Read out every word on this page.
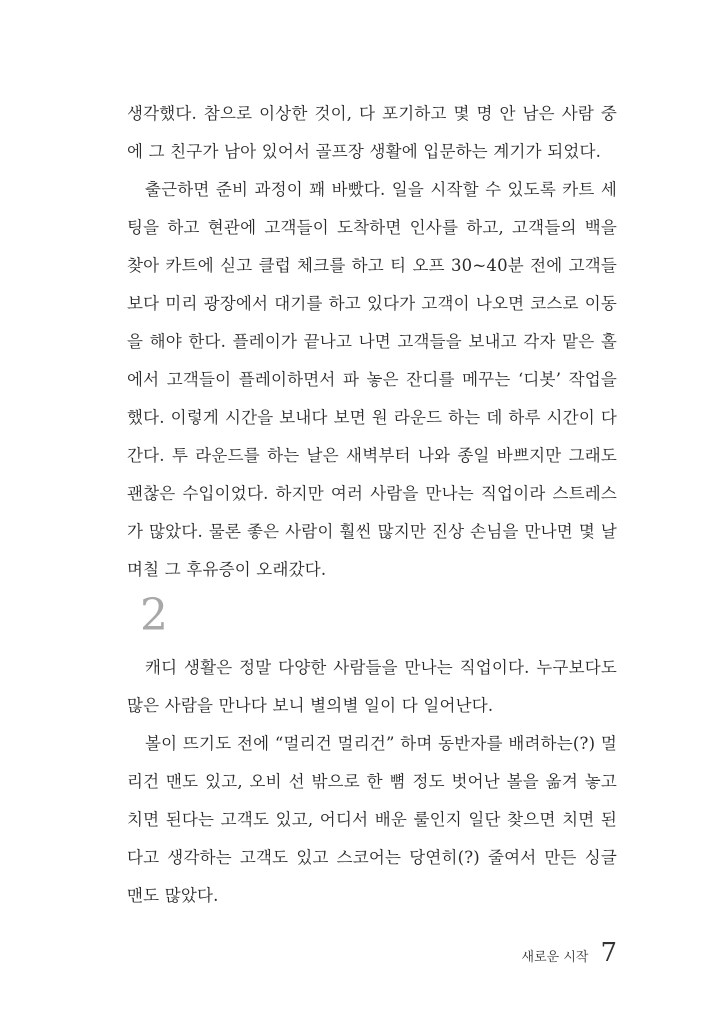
생각했다. 참으로 이상한 것이, 다 포기하고 몇 명 안 남은 사람 중
에 그 친구가 남아 있어서 골프장 생활에 입문하는 계기가 되었다.
출근하면 준비 과정이 꽤 바빴다. 일을 시작할 수 있도록 카트 세
팅을 하고 현관에 고객들이 도착하면 인사를 하고, 고객들의 백을
찾아 카트에 싣고 클럽 체크를 하고 티 오프 30~40분 전에 고객들
보다 미리 광장에서 대기를 하고 있다가 고객이 나오면 코스로 이동
을 해야 한다. 플레이가 끝나고 나면 고객들을 보내고 각자 맡은 홀
에서 고객들이 플레이하면서 파 놓은 잔디를 메꾸는 ‘디봇’ 작업을
했다. 이렇게 시간을 보내다 보면 원 라운드 하는 데 하루 시간이 다
간다. 투 라운드를 하는 날은 새벽부터 나와 종일 바쁘지만 그래도
괜찮은 수입이었다. 하지만 여러 사람을 만나는 직업이라 스트레스
가 많았다. 물론 좋은 사람이 훨씬 많지만 진상 손님을 만나면 몇 날
며칠 그 후유증이 오래갔다.
2
캐디 생활은 정말 다양한 사람들을 만나는 직업이다. 누구보다도
많은 사람을 만나다 보니 별의별 일이 다 일어난다.
볼이 뜨기도 전에 “멀리건 멀리건” 하며 동반자를 배려하는(?) 멀
리건 맨도 있고, 오비 선 밖으로 한 뼘 정도 벗어난 볼을 옮겨 놓고
치면 된다는 고객도 있고, 어디서 배운 룰인지 일단 찾으면 치면 된
다고 생각하는 고객도 있고 스코어는 당연히(?) 줄여서 만든 싱글
맨도 많았다.
새로운 시작 7
